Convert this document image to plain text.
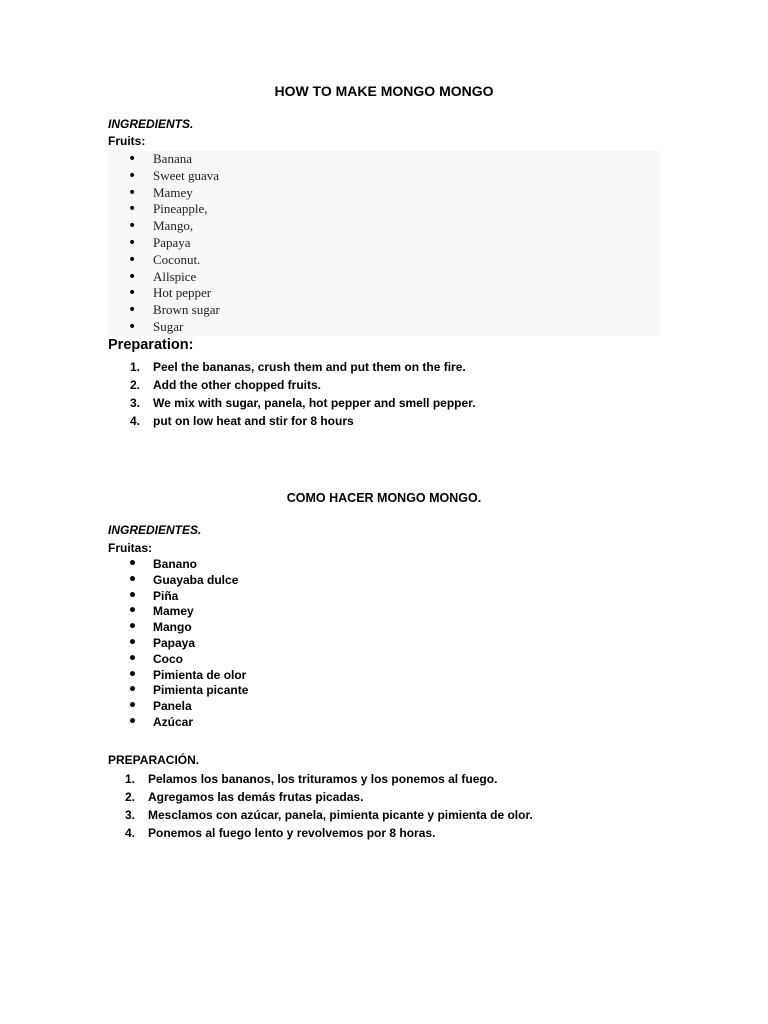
HOW TO MAKE MONGO MONGO

INGREDIENTS.

Fruits:

• Banana
• Sweet guava
• Mamey
• Pineapple,
• Mango,
• Papaya
• Coconut.
• Allspice
• Hot pepper
• Brown sugar
• Sugar
Preparation:
1. Peel the bananas, crush them and put them on the fire.
2. Add the other chopped fruits.
3. We mix with sugar, panela, hot pepper and smell pepper.
4. put on low heat and stir for 8 hours
COMO HACER MONGO MONGO.

INGREDIENTES.

Fruitas:

• Banano
• Guayaba dulce
• Piña
• Mamey
• Mango
• Papaya
• Coco
• Pimienta de olor
• Pimienta picante
• Panela
• Azúcar
PREPARACIÓN.
1. Pelamos los bananos, los trituramos y los ponemos al fuego.
2. Agregamos las demás frutas picadas.
3. Mesclamos con azúcar, panela, pimienta picante y pimienta de olor.
4. Ponemos al fuego lento y revolvemos por 8 horas.
